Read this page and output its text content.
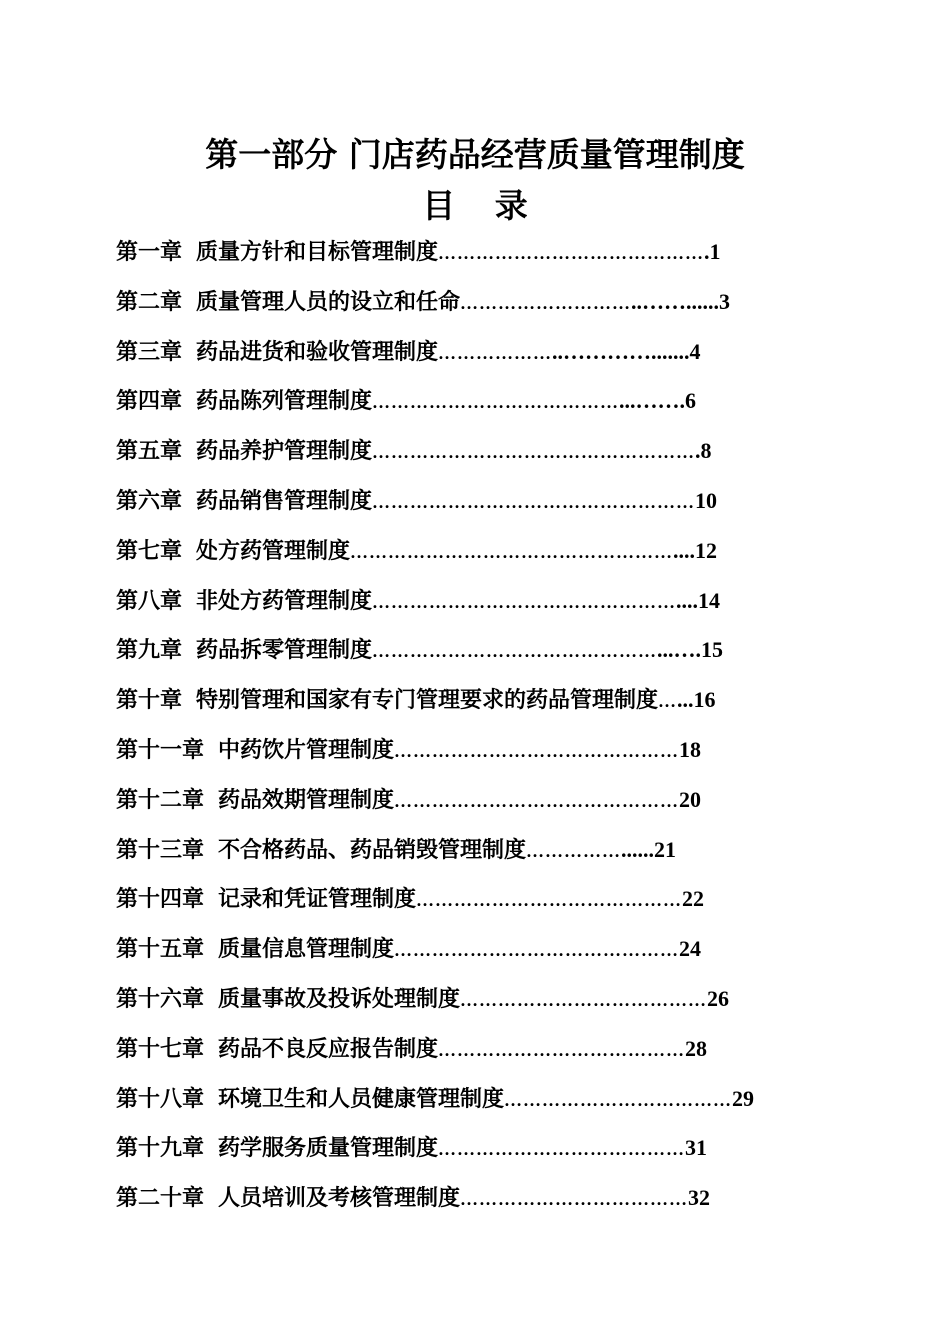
第一部分 门店药品经营质量管理制度
目 录
第一章 质量方针和目标管理制度…………………………………….1
第二章 质量管理人员的设立和任命………………………..……......3
第三章 药品进货和验收管理制度………………..………….......4
第四章 药品陈列管理制度…………………………………...…….6
第五章 药品养护管理制度…………………………………………….8
第六章 药品销售管理制度……………………………………………10
第七章 处方药管理制度……………………………………………....12
第八章 非处方药管理制度…………………………………………....14
第九章 药品拆零管理制度………………………………………...….15
第十章 特别管理和国家有专门管理要求的药品管理制度…...16
第十一章 中药饮片管理制度………………………………………18
第十二章 药品效期管理制度………………………………………20
第十三章 不合格药品、药品销毁管理制度……………......21
第十四章 记录和凭证管理制度……………………………………22
第十五章 质量信息管理制度………………………………………24
第十六章 质量事故及投诉处理制度…………………………………26
第十七章 药品不良反应报告制度…………………………………28
第十八章 环境卫生和人员健康管理制度………………………………29
第十九章 药学服务质量管理制度…………………………………31
第二十章 人员培训及考核管理制度………………………………32
